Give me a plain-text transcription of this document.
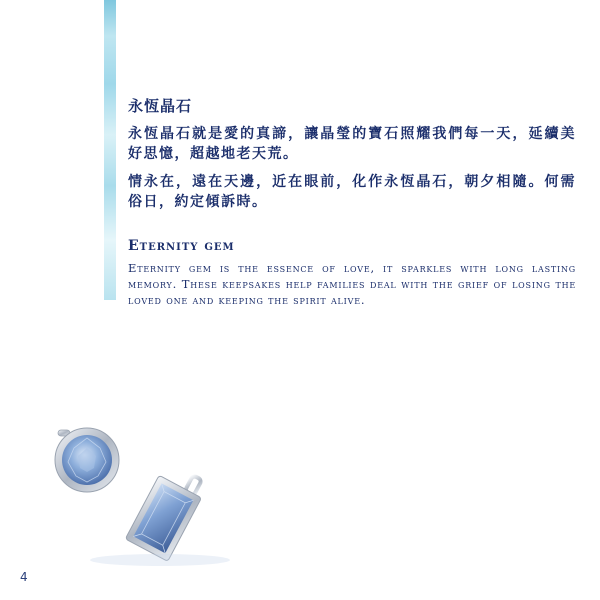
永恆晶石

永恆晶石就是愛的真諦，讓晶瑩的寶石照耀我們每一天，延續美好思憶，超越地老天荒。

情永在，遠在天邊，近在眼前，化作永恆晶石，朝夕相隨。何需俗日，約定傾訴時。

Eternity gem

Eternity gem is the essence of love, it sparkles with long lasting memory. These keepsakes help families deal with the grief of losing the loved one and keeping the spirit alive.

4
